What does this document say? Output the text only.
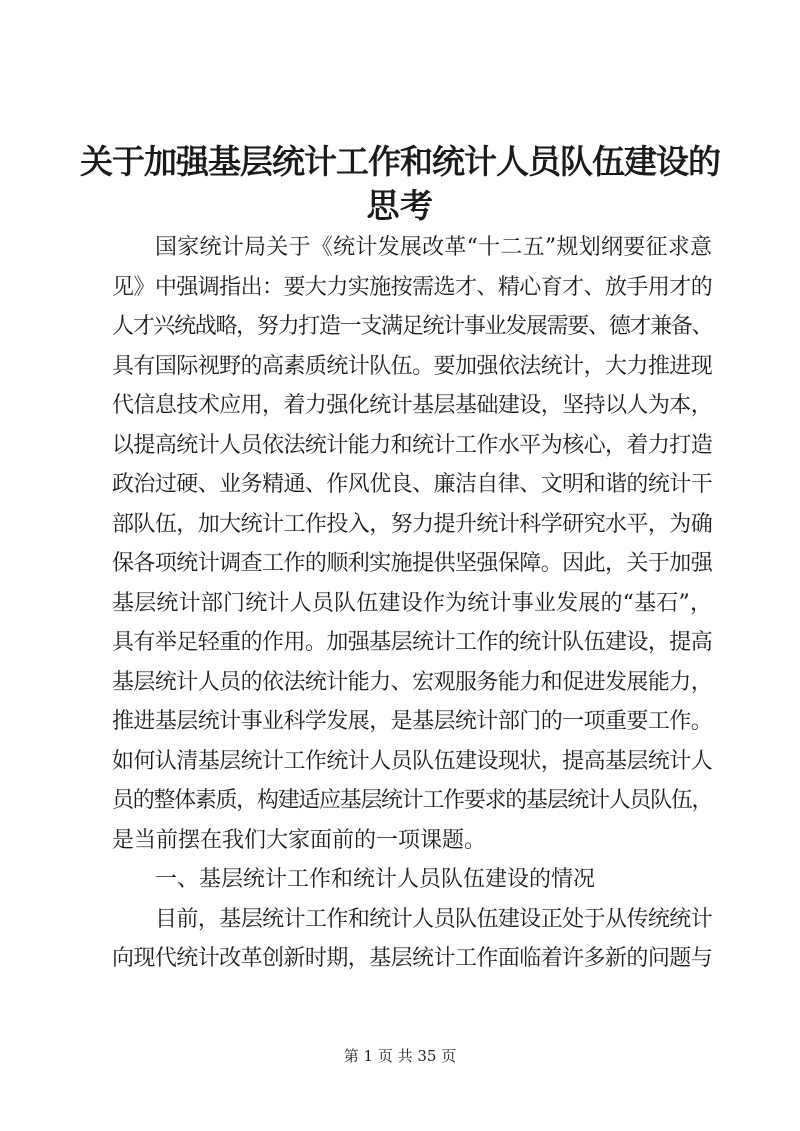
关于加强基层统计工作和统计人员队伍建设的
思考
国家统计局关于《统计发展改革“十二五”规划纲要征求意
见》中强调指出：要大力实施按需选才、精心育才、放手用才的
人才兴统战略，努力打造一支满足统计事业发展需要、德才兼备、
具有国际视野的高素质统计队伍。要加强依法统计，大力推进现
代信息技术应用，着力强化统计基层基础建设，坚持以人为本，
以提高统计人员依法统计能力和统计工作水平为核心，着力打造
政治过硬、业务精通、作风优良、廉洁自律、文明和谐的统计干
部队伍，加大统计工作投入，努力提升统计科学研究水平，为确
保各项统计调查工作的顺利实施提供坚强保障。因此，关于加强
基层统计部门统计人员队伍建设作为统计事业发展的“基石”，
具有举足轻重的作用。加强基层统计工作的统计队伍建设，提高
基层统计人员的依法统计能力、宏观服务能力和促进发展能力，
推进基层统计事业科学发展，是基层统计部门的一项重要工作。
如何认清基层统计工作统计人员队伍建设现状，提高基层统计人
员的整体素质，构建适应基层统计工作要求的基层统计人员队伍，
是当前摆在我们大家面前的一项课题。
一、基层统计工作和统计人员队伍建设的情况
目前，基层统计工作和统计人员队伍建设正处于从传统统计
向现代统计改革创新时期，基层统计工作面临着许多新的问题与
第 1 页 共 35 页
